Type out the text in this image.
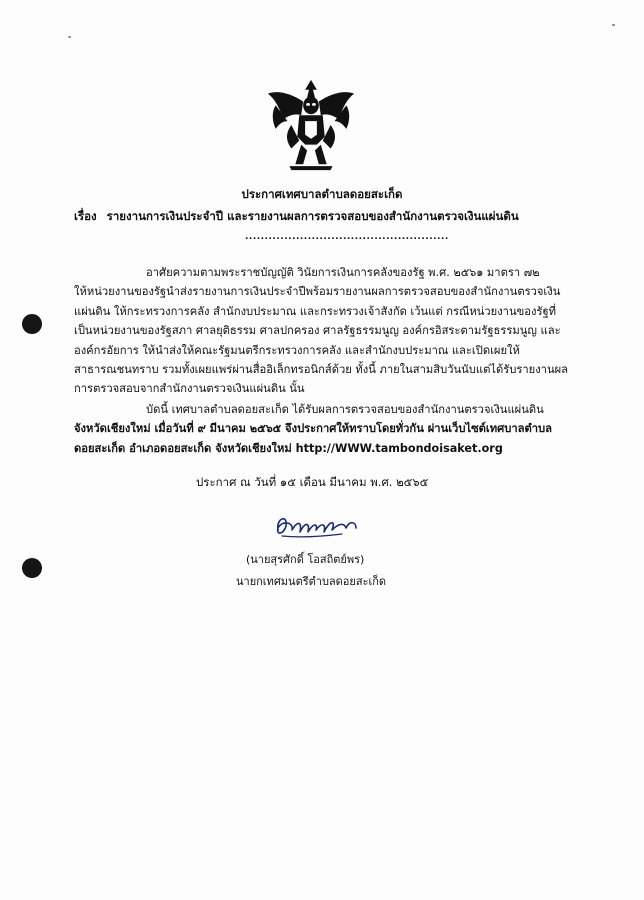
ประกาศเทศบาลตำบลดอยสะเก็ด
เรื่อง รายงานการเงินประจำปี และรายงานผลการตรวจสอบของสำนักงานตรวจเงินแผ่นดิน
....................................................
อาศัยความตามพระราชบัญญัติ วินัยการเงินการคลังของรัฐ พ.ศ. ๒๕๖๑ มาตรา ๗๒
ให้หน่วยงานของรัฐนำส่งรายงานการเงินประจำปีพร้อมรายงานผลการตรวจสอบของสำนักงานตรวจเงิน
แผ่นดิน ให้กระทรวงการคลัง สำนักงบประมาณ และกระทรวงเจ้าสังกัด เว้นแต่ กรณีหน่วยงานของรัฐที่
เป็นหน่วยงานของรัฐสภา ศาลยุติธรรม ศาลปกครอง ศาลรัฐธรรมนูญ องค์กรอิสระตามรัฐธรรมนูญ และ
องค์กรอัยการ ให้นำส่งให้คณะรัฐมนตรีกระทรวงการคลัง และสำนักงบประมาณ และเปิดเผยให้
สาธารณชนทราบ รวมทั้งเผยแพร่ผ่านสื่ออิเล็กทรอนิกส์ด้วย ทั้งนี้ ภายในสามสิบวันนับแต่ได้รับรายงานผล
การตรวจสอบจากสำนักงานตรวจเงินแผ่นดิน นั้น
บัดนี้ เทศบาลตำบลดอยสะเก็ด ได้รับผลการตรวจสอบของสำนักงานตรวจเงินแผ่นดิน
จังหวัดเชียงใหม่ เมื่อวันที่ ๙ มีนาคม ๒๕๖๕ จึงประกาศให้ทราบโดยทั่วกัน ผ่านเว็บไซต์เทศบาลตำบล
ดอยสะเก็ด อำเภอดอยสะเก็ด จังหวัดเชียงใหม่ http://WWW.tambondoisaket.org
ประกาศ ณ วันที่ ๑๕ เดือน มีนาคม พ.ศ. ๒๕๖๕
(นายสุรศักดิ์ โอสถิตย์พร)
นายกเทศมนตรีตำบลดอยสะเก็ด
